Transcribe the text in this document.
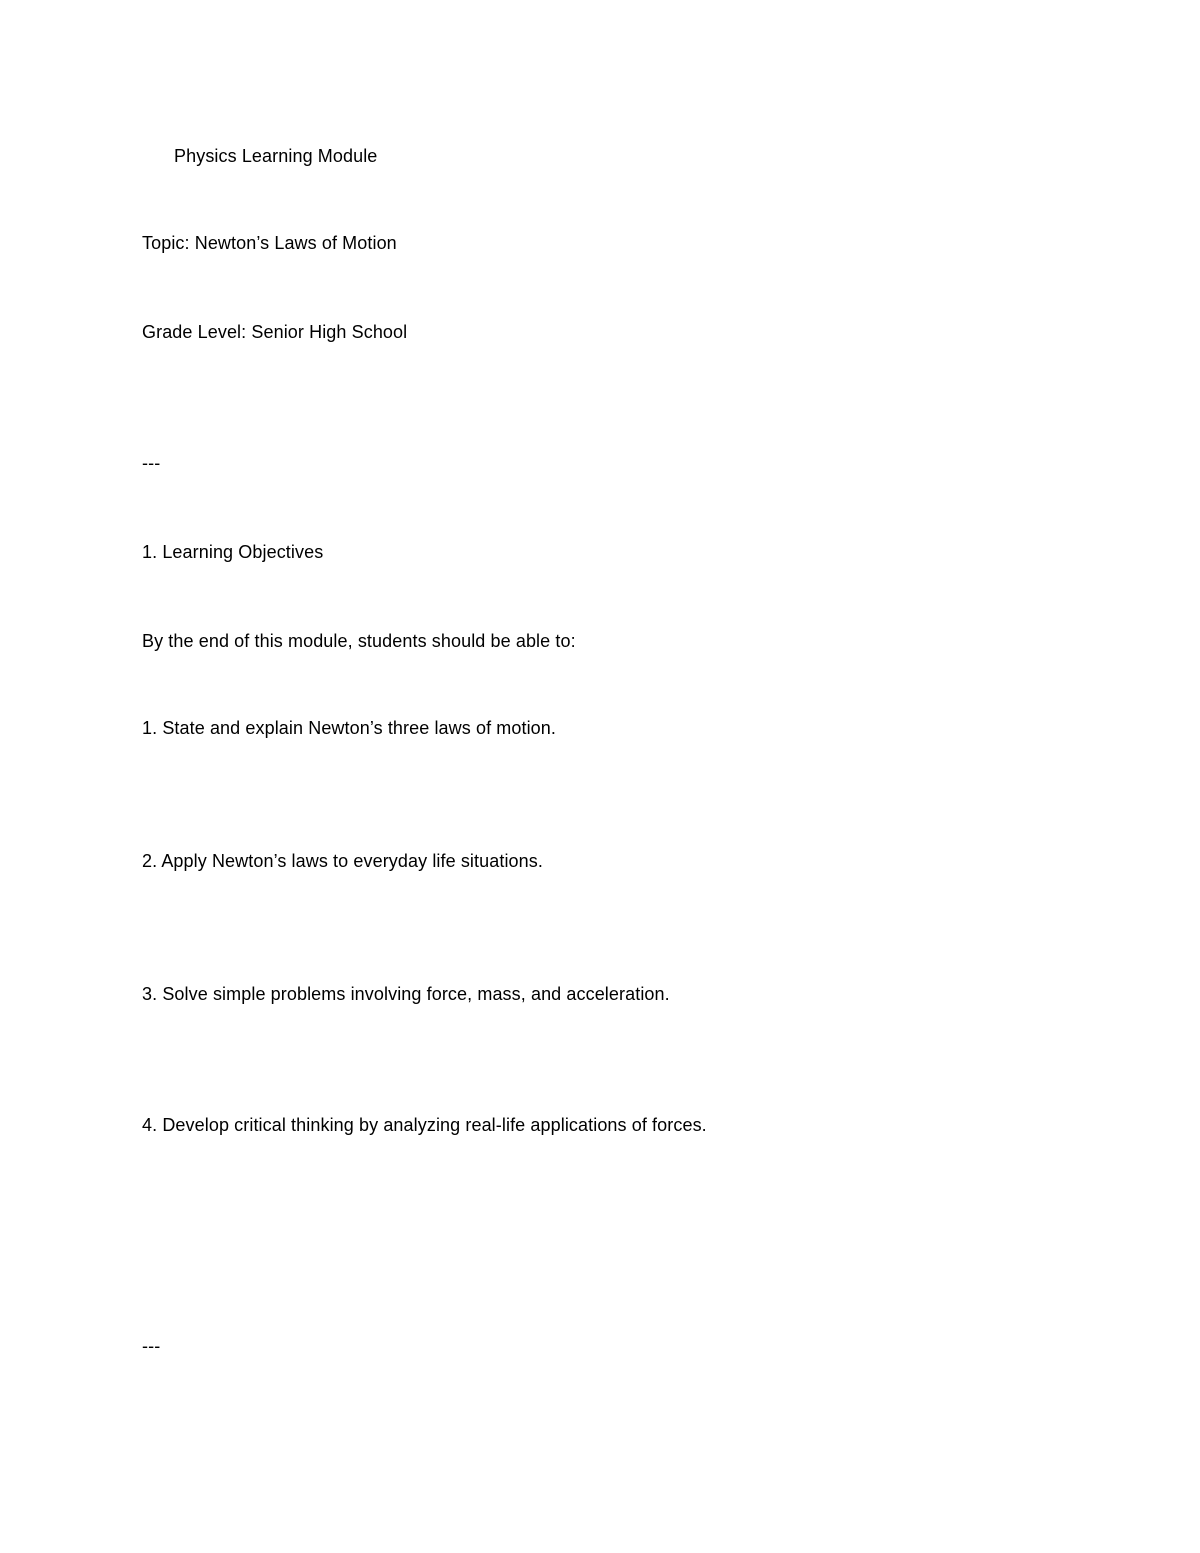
Physics Learning Module
Topic: Newton’s Laws of Motion
Grade Level: Senior High School
---
1. Learning Objectives
By the end of this module, students should be able to:
1. State and explain Newton’s three laws of motion.
2. Apply Newton’s laws to everyday life situations.
3. Solve simple problems involving force, mass, and acceleration.
4. Develop critical thinking by analyzing real-life applications of forces.
---
